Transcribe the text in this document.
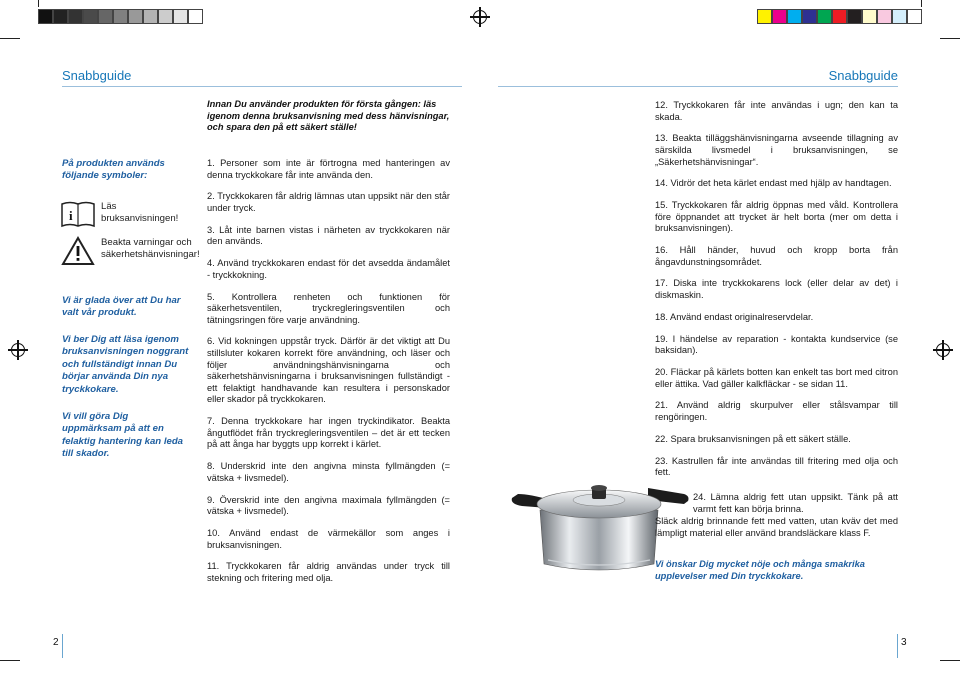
Snabbguide	Snabbguide
På produkten används följande symboler:
i
Läs bruksanvisningen!
Beakta varningar och säkerhetshänvisningar!
Vi är glada över att Du har valt vår produkt.
Vi ber Dig att läsa igenom bruksanvisningen noggrant och fullständigt innan Du börjar använda Din nya tryckkokare.
Vi vill göra Dig uppmärksam på att en felaktig hantering kan leda till skador.
Innan Du använder produkten för första gången: läs igenom denna bruksanvisning med dess hänvisningar, och spara den på ett säkert ställe!
1. Personer som inte är förtrogna med hanteringen av denna tryckkokare får inte använda den.
2. Tryckkokaren får aldrig lämnas utan uppsikt när den står under tryck.
3. Låt inte barnen vistas i närheten av tryckkokaren när den används.
4. Använd tryckkokaren endast för det avsedda ändamålet - tryckkokning.
5. Kontrollera renheten och funktionen för säkerhetsventilen, tryckregleringsventilen och tätningsringen före varje användning.
6. Vid kokningen uppstår tryck. Därför är det viktigt att Du stillsluter kokaren korrekt före användning, och läser och följer användningshänvisningarna och säkerhetshänvisningarna i bruksanvisningen fullständigt - ett felaktigt handhavande kan resultera i personskador eller skador på tryckkokaren.
7. Denna tryckkokare har ingen tryckindikator. Beakta ångutflödet från tryckregleringsventilen – det är ett tecken på att ånga har byggts upp korrekt i kärlet.
8. Underskrid inte den angivna minsta fyllmängden (= vätska + livsmedel).
9. Överskrid inte den angivna maximala fyllmängden (= vätska + livsmedel).
10. Använd endast de värmekällor som anges i bruksanvisningen.
11. Tryckkokaren får aldrig användas under tryck till stekning och fritering med olja.
12. Tryckkokaren får inte användas i ugn; den kan ta skada.
13. Beakta tilläggshänvisningarna avseende tillagning av särskilda livsmedel i bruksanvisningen, se „Säkerhetshänvisningar“.
14. Vidrör det heta kärlet endast med hjälp av handtagen.
15. Tryckkokaren får aldrig öppnas med våld. Kontrollera före öppnandet att trycket är helt borta (mer om detta i bruksanvisningen).
16. Håll händer, huvud och kropp borta från ångavdunstningsområdet.
17. Diska inte tryckkokarens lock (eller delar av det) i diskmaskin.
18. Använd endast originalreservdelar.
19. I händelse av reparation - kontakta kundservice (se baksidan).
20. Fläckar på kärlets botten kan enkelt tas bort med citron eller ättika. Vad gäller kalkfläckar - se sidan 11.
21. Använd aldrig skurpulver eller stålsvampar till rengöringen.
22. Spara bruksanvisningen på ett säkert ställe.
23. Kastrullen får inte användas till fritering med olja och fett.
24. Lämna aldrig fett utan uppsikt. Tänk på att varmt fett kan börja brinna.
Släck aldrig brinnande fett med vatten, utan kväv det med lämpligt material eller använd brandsläckare klass F.
Vi önskar Dig mycket nöje och många smakrika upplevelser med Din tryckkokare.
2	3
